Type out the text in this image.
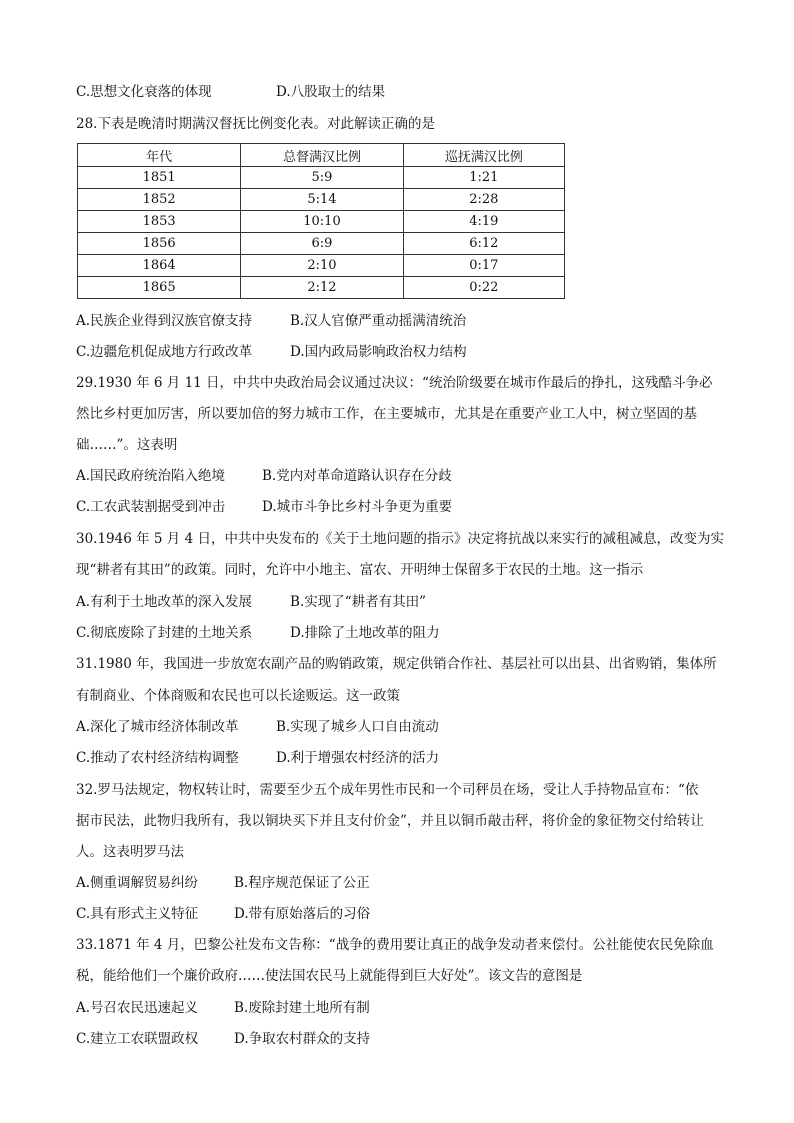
C.思想文化衰落的体现	D.八股取士的结果
28.下表是晚清时期满汉督抚比例变化表。对此解读正确的是
年代	总督满汉比例	巡抚满汉比例
1851	5:9	1:21
1852	5:14	2:28
1853	10:10	4:19
1856	6:9	6:12
1864	2:10	0:17
1865	2:12	0:22
A.民族企业得到汉族官僚支持	B.汉人官僚严重动摇满清统治
C.边疆危机促成地方行政改革	D.国内政局影响政治权力结构
29.1930 年 6 月 11 日，中共中央政治局会议通过决议：“统治阶级要在城市作最后的挣扎，这残酷斗争必
然比乡村更加厉害，所以要加倍的努力城市工作，在主要城市，尤其是在重要产业工人中，树立坚固的基
础……”。这表明
A.国民政府统治陷入绝境	B.党内对革命道路认识存在分歧
C.工农武装割据受到冲击	D.城市斗争比乡村斗争更为重要
30.1946 年 5 月 4 日，中共中央发布的《关于土地问题的指示》决定将抗战以来实行的减租减息，改变为实
现“耕者有其田”的政策。同时，允许中小地主、富农、开明绅士保留多于农民的土地。这一指示
A.有利于土地改革的深入发展	B.实现了“耕者有其田”
C.彻底废除了封建的土地关系	D.排除了土地改革的阻力
31.1980 年，我国进一步放宽农副产品的购销政策，规定供销合作社、基层社可以出县、出省购销，集体所
有制商业、个体商贩和农民也可以长途贩运。这一政策
A.深化了城市经济体制改革	B.实现了城乡人口自由流动
C.推动了农村经济结构调整	D.利于增强农村经济的活力
32.罗马法规定，物权转让时，需要至少五个成年男性市民和一个司秤员在场，受让人手持物品宣布：“依
据市民法，此物归我所有，我以铜块买下并且支付价金”，并且以铜币敲击秤，将价金的象征物交付给转让
人。这表明罗马法
A.侧重调解贸易纠纷	B.程序规范保证了公正
C.具有形式主义特征	D.带有原始落后的习俗
33.1871 年 4 月，巴黎公社发布文告称：“战争的费用要让真正的战争发动者来偿付。公社能使农民免除血
税，能给他们一个廉价政府……使法国农民马上就能得到巨大好处”。该文告的意图是
A.号召农民迅速起义	B.废除封建土地所有制
C.建立工农联盟政权	D.争取农村群众的支持
